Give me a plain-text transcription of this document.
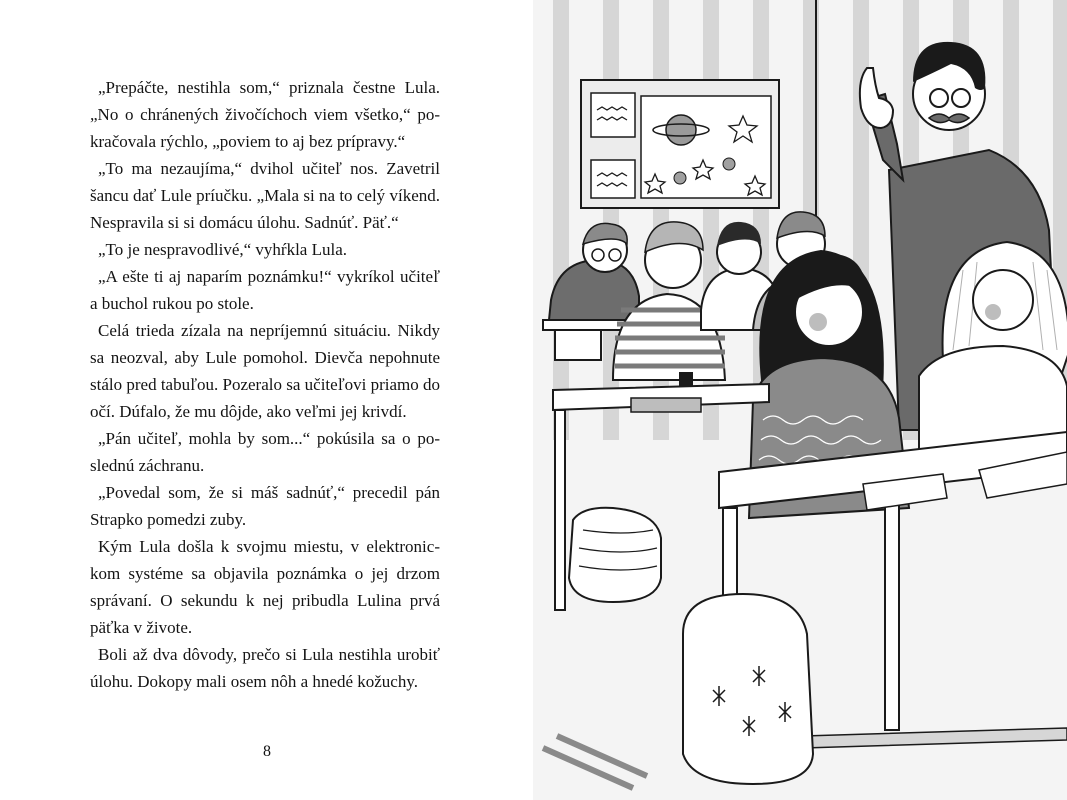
„Prepáčte, nestihla som,“ priznala čestne Lula. „No o chránených živočíchoch viem všetko,“ pokračovala rýchlo, „poviem to aj bez prípravy.“

„To ma nezaujíma,“ dvihol učiteľ nos. Zavetril šancu dať Lule príučku. „Mala si na to celý víkend. Nespravila si si domácu úlohu. Sadnúť. Päť.“

„To je nespravodlivé,“ vyhŕkla Lula.

„A ešte ti aj naparím poznámku!“ vykríkol učiteľ a buchol rukou po stole.

Celá trieda zízala na nepríjemnú situáciu. Nikdy sa neozval, aby Lule pomohol. Dievča nepohnute stálo pred tabuľou. Pozeralo sa učiteľovi priamo do očí. Dúfalo, že mu dôjde, ako veľmi jej krivdí.

„Pán učiteľ, mohla by som...“ pokúsila sa o poslednú záchranu.

„Povedal som, že si máš sadnúť,“ precedil pán Strapko pomedzi zuby.

Kým Lula došla k svojmu miestu, v elektronickom systéme sa objavila poznámka o jej drzom správaní. O sekundu k nej pribudla Lulina prvá päťka v živote.

Boli až dva dôvody, prečo si Lula nestihla urobiť úlohu. Dokopy mali osem nôh a hnedé kožuchy.

8
